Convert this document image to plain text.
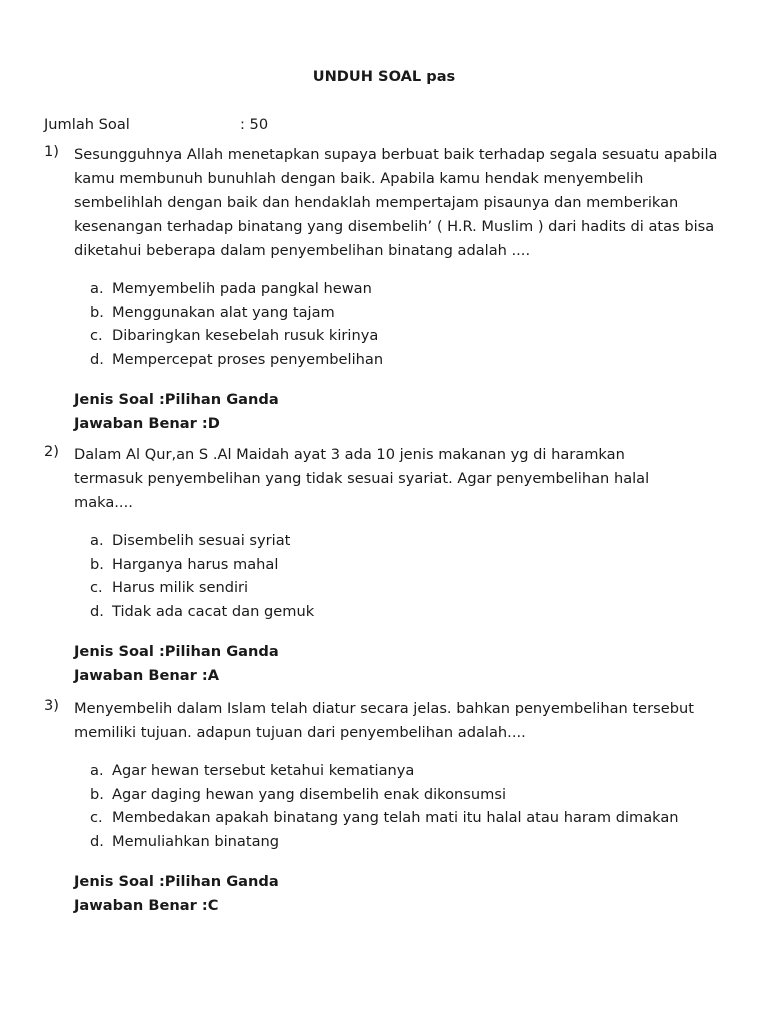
UNDUH SOAL pas
Jumlah Soal	: 50
1) Sesungguhnya Allah menetapkan supaya berbuat baik terhadap segala sesuatu apabila kamu membunuh bunuhlah dengan baik. Apabila kamu hendak menyembelih sembelihlah dengan baik dan hendaklah mempertajam pisaunya dan memberikan kesenangan terhadap binatang yang disembelih’ ( H.R. Muslim ) dari hadits di atas bisa diketahui beberapa dalam penyembelihan binatang adalah ....
a. Memyembelih pada pangkal hewan
b. Menggunakan alat yang tajam
c. Dibaringkan kesebelah rusuk kirinya
d. Mempercepat proses penyembelihan
Jenis Soal :Pilihan Ganda
Jawaban Benar :D
2) Dalam Al Qur,an S .Al Maidah ayat 3 ada 10 jenis makanan yg di haramkan termasuk penyembelihan yang tidak sesuai syariat. Agar penyembelihan halal maka....
a. Disembelih sesuai syriat
b. Harganya harus mahal
c. Harus milik sendiri
d. Tidak ada cacat dan gemuk
Jenis Soal :Pilihan Ganda
Jawaban Benar :A
3) Menyembelih dalam Islam telah diatur secara jelas. bahkan penyembelihan tersebut memiliki tujuan. adapun tujuan dari penyembelihan adalah....
a. Agar hewan tersebut ketahui kematianya
b. Agar daging hewan yang disembelih enak dikonsumsi
c. Membedakan apakah binatang yang telah mati itu halal atau haram dimakan
d. Memuliahkan binatang
Jenis Soal :Pilihan Ganda
Jawaban Benar :C
